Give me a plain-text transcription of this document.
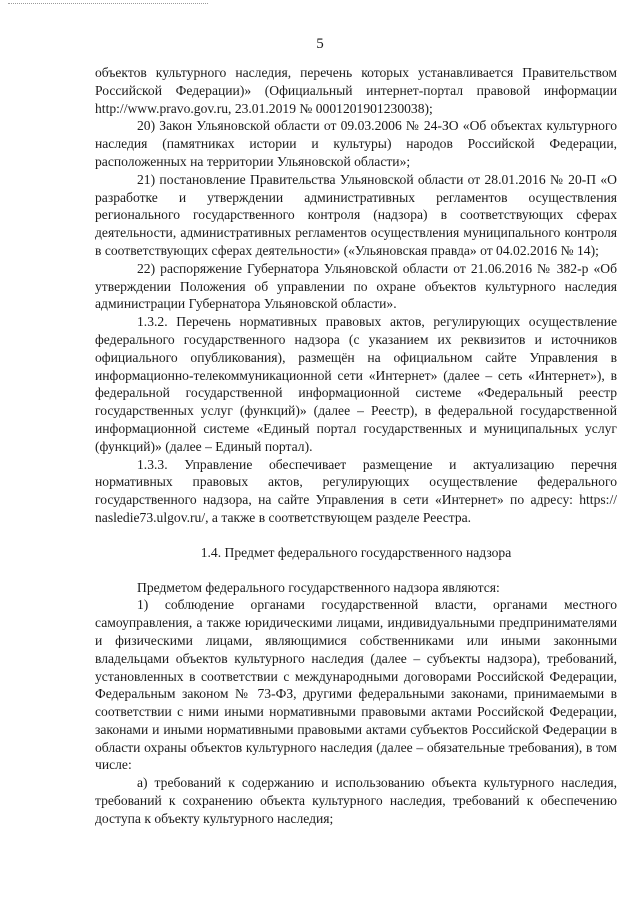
5

объектов культурного наследия, перечень которых устанавливается Правительством Российской Федерации)» (Официальный интернет-портал правовой информации http://www.pravo.gov.ru, 23.01.2019 № 0001201901230038);

20) Закон Ульяновской области от 09.03.2006 № 24-ЗО «Об объектах культурного наследия (памятниках истории и культуры) народов Российской Федерации, расположенных на территории Ульяновской области»;

21) постановление Правительства Ульяновской области от 28.01.2016 № 20-П «О разработке и утверждении административных регламентов осуществления регионального государственного контроля (надзора) в соответствующих сферах деятельности, административных регламентов осуществления муниципального контроля в соответствующих сферах деятельности» («Ульяновская правда» от 04.02.2016 № 14);

22) распоряжение Губернатора Ульяновской области от 21.06.2016 № 382-р «Об утверждении Положения об управлении по охране объектов культурного наследия администрации Губернатора Ульяновской области».

1.3.2. Перечень нормативных правовых актов, регулирующих осуществление федерального государственного надзора (с указанием их реквизитов и источников официального опубликования), размещён на официальном сайте Управления в информационно-телекоммуникационной сети «Интернет» (далее – сеть «Интернет»), в федеральной государственной информационной системе «Федеральный реестр государственных услуг (функций)» (далее – Реестр), в федеральной государственной информационной системе «Единый портал государственных и муниципальных услуг (функций)» (далее – Единый портал).

1.3.3. Управление обеспечивает размещение и актуализацию перечня нормативных правовых актов, регулирующих осуществление федерального государственного надзора, на сайте Управления в сети «Интернет» по адресу: https:// nasledie73.ulgov.ru/, а также в соответствующем разделе Реестра.

1.4. Предмет федерального государственного надзора

Предметом федерального государственного надзора являются:

1) соблюдение органами государственной власти, органами местного самоуправления, а также юридическими лицами, индивидуальными предпринимателями и физическими лицами, являющимися собственниками или иными законными владельцами объектов культурного наследия (далее – субъекты надзора), требований, установленных в соответствии с международными договорами Российской Федерации, Федеральным законом № 73-ФЗ, другими федеральными законами, принимаемыми в соответствии с ними иными нормативными правовыми актами Российской Федерации, законами и иными нормативными правовыми актами субъектов Российской Федерации в области охраны объектов культурного наследия (далее – обязательные требования), в том числе:

а) требований к содержанию и использованию объекта культурного наследия, требований к сохранению объекта культурного наследия, требований к обеспечению доступа к объекту культурного наследия;
